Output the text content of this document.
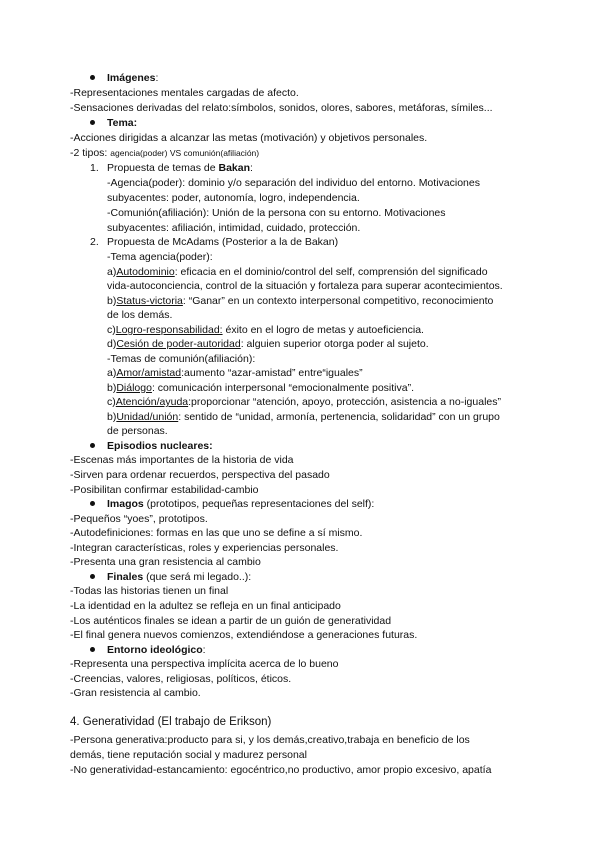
Imágenes:
-Representaciones mentales cargadas de afecto.
-Sensaciones derivadas del relato:símbolos, sonidos, olores, sabores, metáforas, símiles...
Tema:
-Acciones dirigidas a alcanzar las metas (motivación) y objetivos personales.
-2 tipos: agencia(poder) VS comunión(afiliación)
1. Propuesta de temas de Bakan:
-Agencia(poder): dominio y/o separación del individuo del entorno. Motivaciones
subyacentes: poder, autonomía, logro, independencia.
-Comunión(afiliación): Unión de la persona con su entorno. Motivaciones
subyacentes: afiliación, intimidad, cuidado, protección.
2. Propuesta de McAdams (Posterior a la de Bakan)
-Tema agencia(poder):
a)Autodominio: eficacia en el dominio/control del self, comprensión del significado
vida-autoconciencia, control de la situación y fortaleza para superar acontecimientos.
b)Status-victoria: “Ganar” en un contexto interpersonal competitivo, reconocimiento
de los demás.
c)Logro-responsabilidad: éxito en el logro de metas y autoeficiencia.
d)Cesión de poder-autoridad: alguien superior otorga poder al sujeto.
-Temas de comunión(afiliación):
a)Amor/amistad:aumento “azar-amistad” entre“iguales”
b)Diálogo: comunicación interpersonal “emocionalmente positiva”.
c)Atención/ayuda:proporcionar “atención, apoyo, protección, asistencia a no-iguales”
b)Unidad/unión: sentido de “unidad, armonía, pertenencia, solidaridad” con un grupo
de personas.
Episodios nucleares:
-Escenas más importantes de la historia de vida
-Sirven para ordenar recuerdos, perspectiva del pasado
-Posibilitan confirmar estabilidad-cambio
Imagos (prototipos, pequeñas representaciones del self):
-Pequeños “yoes”, prototipos.
-Autodefiniciones: formas en las que uno se define a sí mismo.
-Integran características, roles y experiencias personales.
-Presenta una gran resistencia al cambio
Finales (que será mi legado..):
-Todas las historias tienen un final
-La identidad en la adultez se refleja en un final anticipado
-Los auténticos finales se idean a partir de un guión de generatividad
-El final genera nuevos comienzos, extendiéndose a generaciones futuras.
Entorno ideológico:
-Representa una perspectiva implícita acerca de lo bueno
-Creencias, valores, religiosas, políticos, éticos.
-Gran resistencia al cambio.
4. Generatividad (El trabajo de Erikson)
-Persona generativa:producto para si, y los demás,creativo,trabaja en beneficio de los
demás, tiene reputación social y madurez personal
-No generatividad-estancamiento: egocéntrico,no productivo, amor propio excesivo, apatía
